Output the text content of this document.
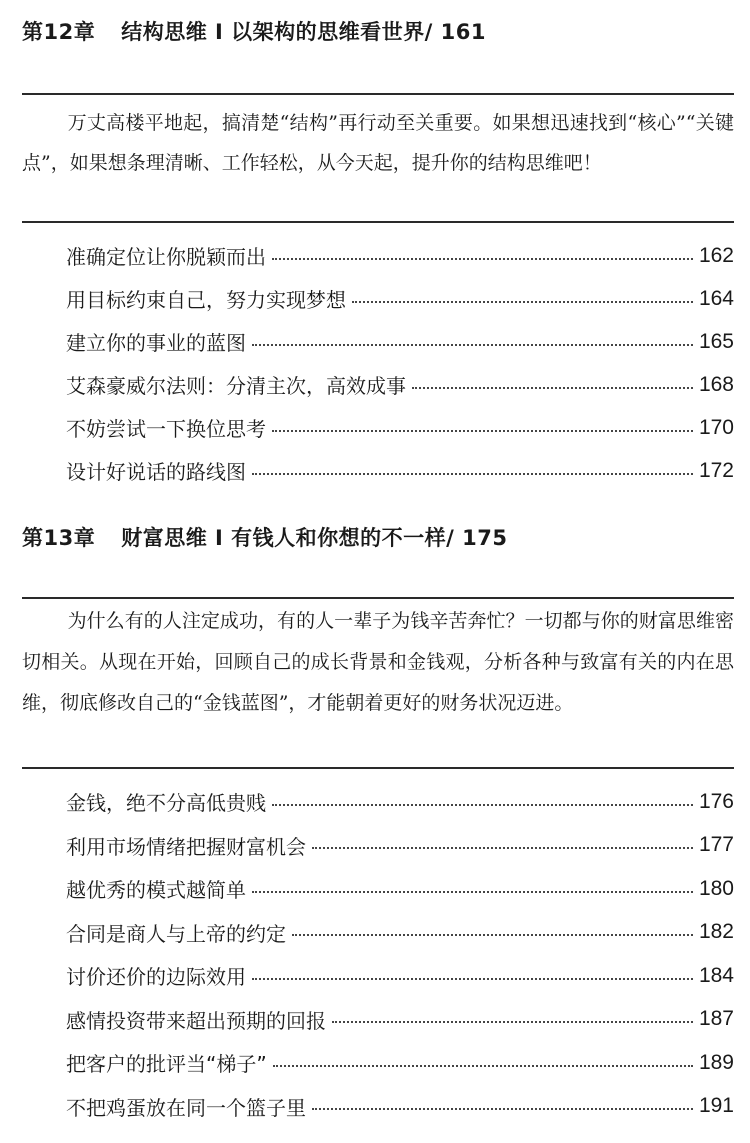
第12章 结构思维 I 以架构的思维看世界/ 161

万丈高楼平地起，搞清楚“结构”再行动至关重要。如果想迅速找到“核心”“关键点”，如果想条理清晰、工作轻松，从今天起，提升你的结构思维吧！

准确定位让你脱颖而出	162
用目标约束自己，努力实现梦想	164
建立你的事业的蓝图	165
艾森豪威尔法则：分清主次，高效成事	168
不妨尝试一下换位思考	170
设计好说话的路线图	172
第13章 财富思维 I 有钱人和你想的不一样/ 175

为什么有的人注定成功，有的人一辈子为钱辛苦奔忙？一切都与你的财富思维密切相关。从现在开始，回顾自己的成长背景和金钱观，分析各种与致富有关的内在思维，彻底修改自己的“金钱蓝图”，才能朝着更好的财务状况迈进。

金钱，绝不分高低贵贱	176
利用市场情绪把握财富机会	177
越优秀的模式越简单	180
合同是商人与上帝的约定	182
讨价还价的边际效用	184
感情投资带来超出预期的回报	187
把客户的批评当“梯子”	189
不把鸡蛋放在同一个篮子里	191
